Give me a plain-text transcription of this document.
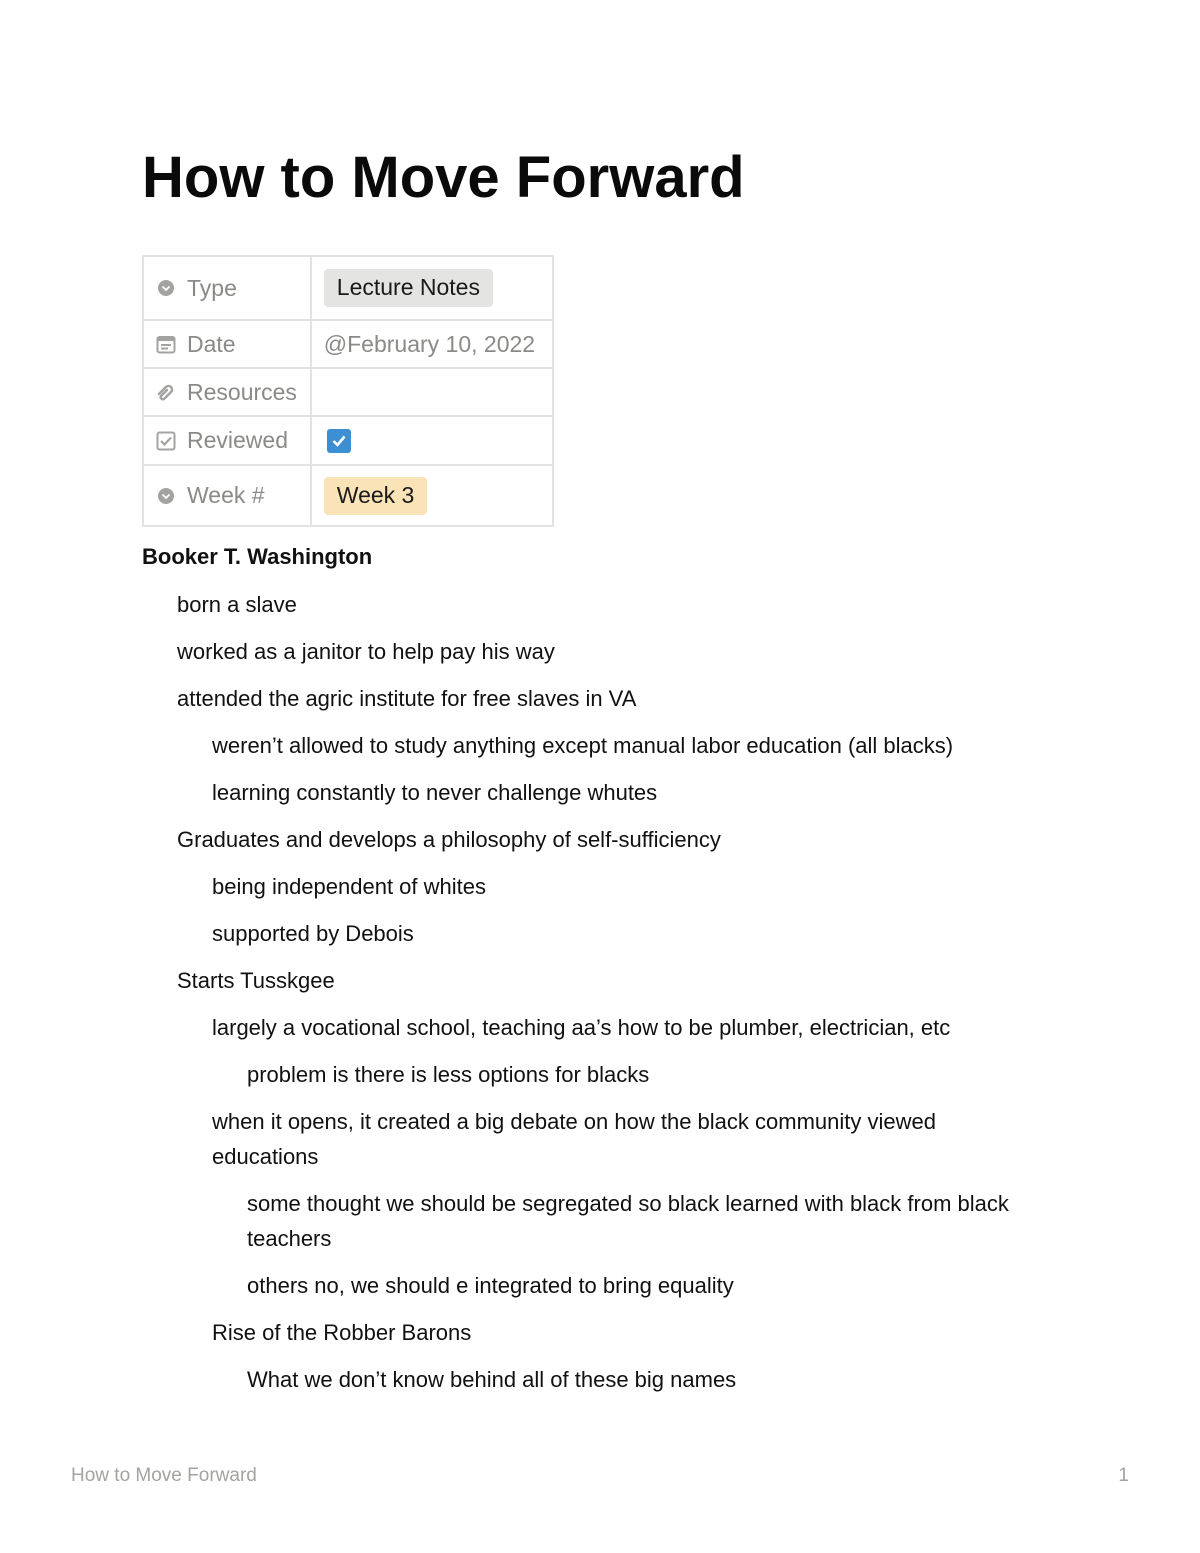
How to Move Forward
Type	Lecture Notes

Date	@February 10, 2022

Resources	

Reviewed

Week #	Week 3

Booker T. Washington

born a slave

worked as a janitor to help pay his way

attended the agric institute for free slaves in VA

weren’t allowed to study anything except manual labor education (all blacks)

learning constantly to never challenge whutes

Graduates and develops a philosophy of self-sufficiency

being independent of whites

supported by Debois

Starts Tusskgee

largely a vocational school, teaching aa’s how to be plumber, electrician, etc

problem is there is less options for blacks

when it opens, it created a big debate on how the black community viewed educations

some thought we should be segregated so black learned with black from black teachers

others no, we should e integrated to bring equality

Rise of the Robber Barons

What we don’t know behind all of these big names

How to Move Forward	1
